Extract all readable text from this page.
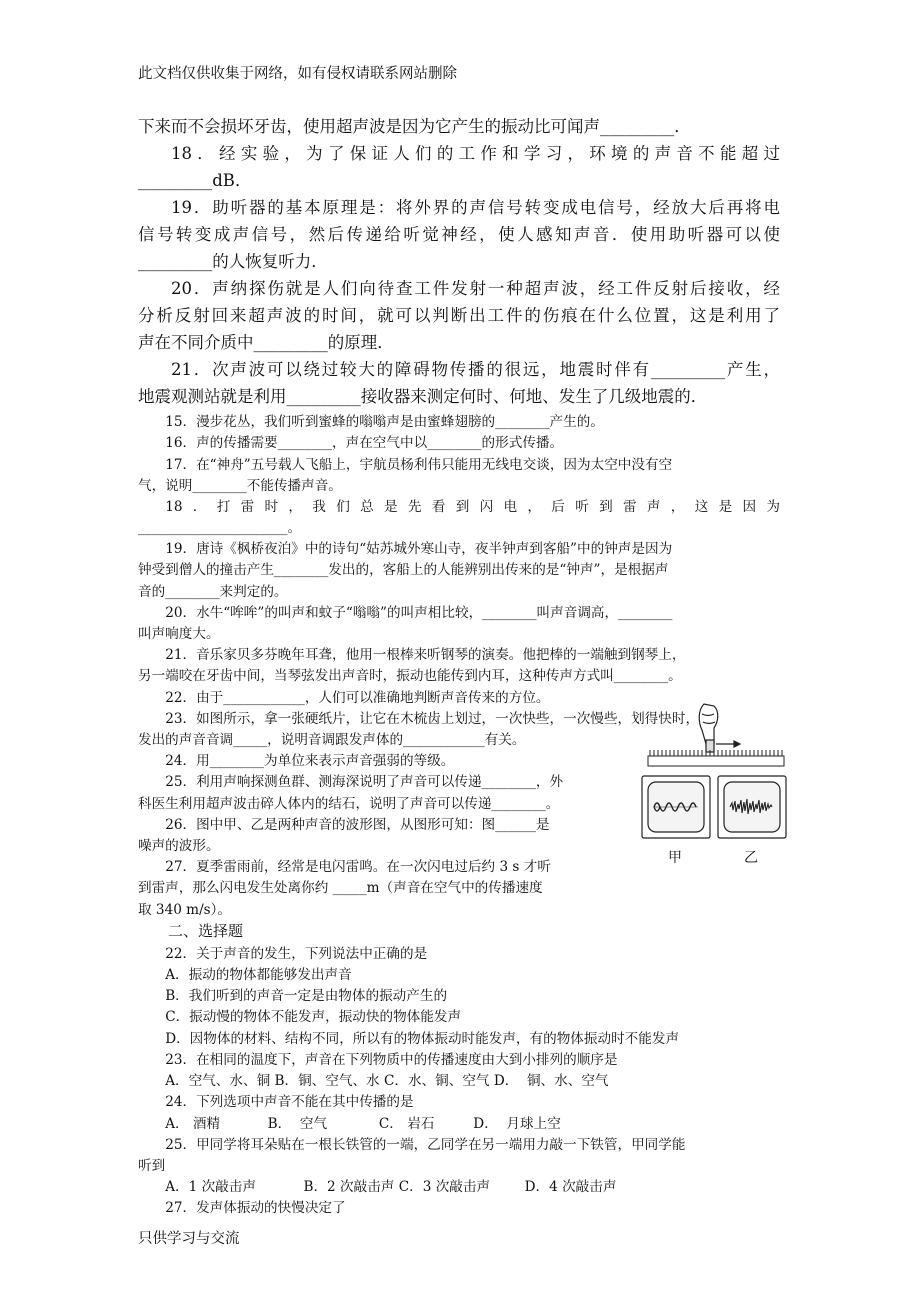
此文档仅供收集于网络，如有侵权请联系网站删除

下来而不会损坏牙齿，使用超声波是因为它产生的振动比可闻声_________．

18．经实验，为了保证人们的工作和学习，环境的声音不能超过

_________dB．

19．助听器的基本原理是：将外界的声信号转变成电信号，经放大后再将电

信号转变成声信号，然后传递给听觉神经，使人感知声音．使用助听器可以使

_________的人恢复听力．

20．声纳探伤就是人们向待查工件发射一种超声波，经工件反射后接收，经

分析反射回来超声波的时间，就可以判断出工件的伤痕在什么位置，这是利用了

声在不同介质中_________的原理．

21．次声波可以绕过较大的障碍物传播的很远，地震时伴有_________产生，

地震观测站就是利用_________接收器来测定何时、何地、发生了几级地震的．

15．漫步花丛，我们听到蜜蜂的嗡嗡声是由蜜蜂翅膀的________产生的。

16．声的传播需要________，声在空气中以________的形式传播。

17．在“神舟”五号载人飞船上，宇航员杨利伟只能用无线电交谈，因为太空中没有空

气，说明________不能传播声音。

18．打雷时，我们总是先看到闪电，后听到雷声，这是因为

______________________。

19．唐诗《枫桥夜泊》中的诗句“姑苏城外寒山寺，夜半钟声到客船”中的钟声是因为

钟受到僧人的撞击产生________发出的，客船上的人能辨别出传来的是“钟声”，是根据声

音的________来判定的。

20．水牛“哞哞”的叫声和蚊子“嗡嗡”的叫声相比较，________叫声音调高，________

叫声响度大。

21．音乐家贝多芬晚年耳聋，他用一根棒来听钢琴的演奏。他把棒的一端触到钢琴上，

另一端咬在牙齿中间，当琴弦发出声音时，振动也能传到内耳，这种传声方式叫________。

22．由于____________，人们可以准确地判断声音传来的方位。

23．如图所示，拿一张硬纸片，让它在木梳齿上划过，一次快些，一次慢些，划得快时，

发出的声音音调_____，说明音调跟发声体的____________有关。

24．用________为单位来表示声音强弱的等级。

25．利用声响探测鱼群、测海深说明了声音可以传递________，外

科医生利用超声波击碎人体内的结石，说明了声音可以传递________。

26．图中甲、乙是两种声音的波形图，从图形可知：图______是

噪声的波形。

27．夏季雷雨前，经常是电闪雷鸣。在一次闪电过后约 3 s 才听

到雷声，那么闪电发生处离你约 _____m（声音在空气中的传播速度

取 340 m/s）。

二、选择题

22．关于声音的发生，下列说法中正确的是

A．振动的物体都能够发出声音

B．我们听到的声音一定是由物体的振动产生的

C．振动慢的物体不能发声，振动快的物体能发声

D．因物体的材料、结构不同，所以有的物体振动时能发声，有的物体振动时不能发声

23．在相同的温度下，声音在下列物质中的传播速度由大到小排列的顺序是

A．空气、水、铜 B．铜、空气、水 C．水、铜、空气 D．  铜、水、空气

24．下列选项中声音不能在其中传播的是

A． 酒精           B．  空气            C． 岩石         D．  月球上空

25．甲同学将耳朵贴在一根长铁管的一端，乙同学在另一端用力敲一下铁管，甲同学能

听到

A．1 次敲击声           B．2 次敲击声 C．3 次敲击声        D．4 次敲击声

27．发声体振动的快慢决定了

甲	乙
只供学习与交流
